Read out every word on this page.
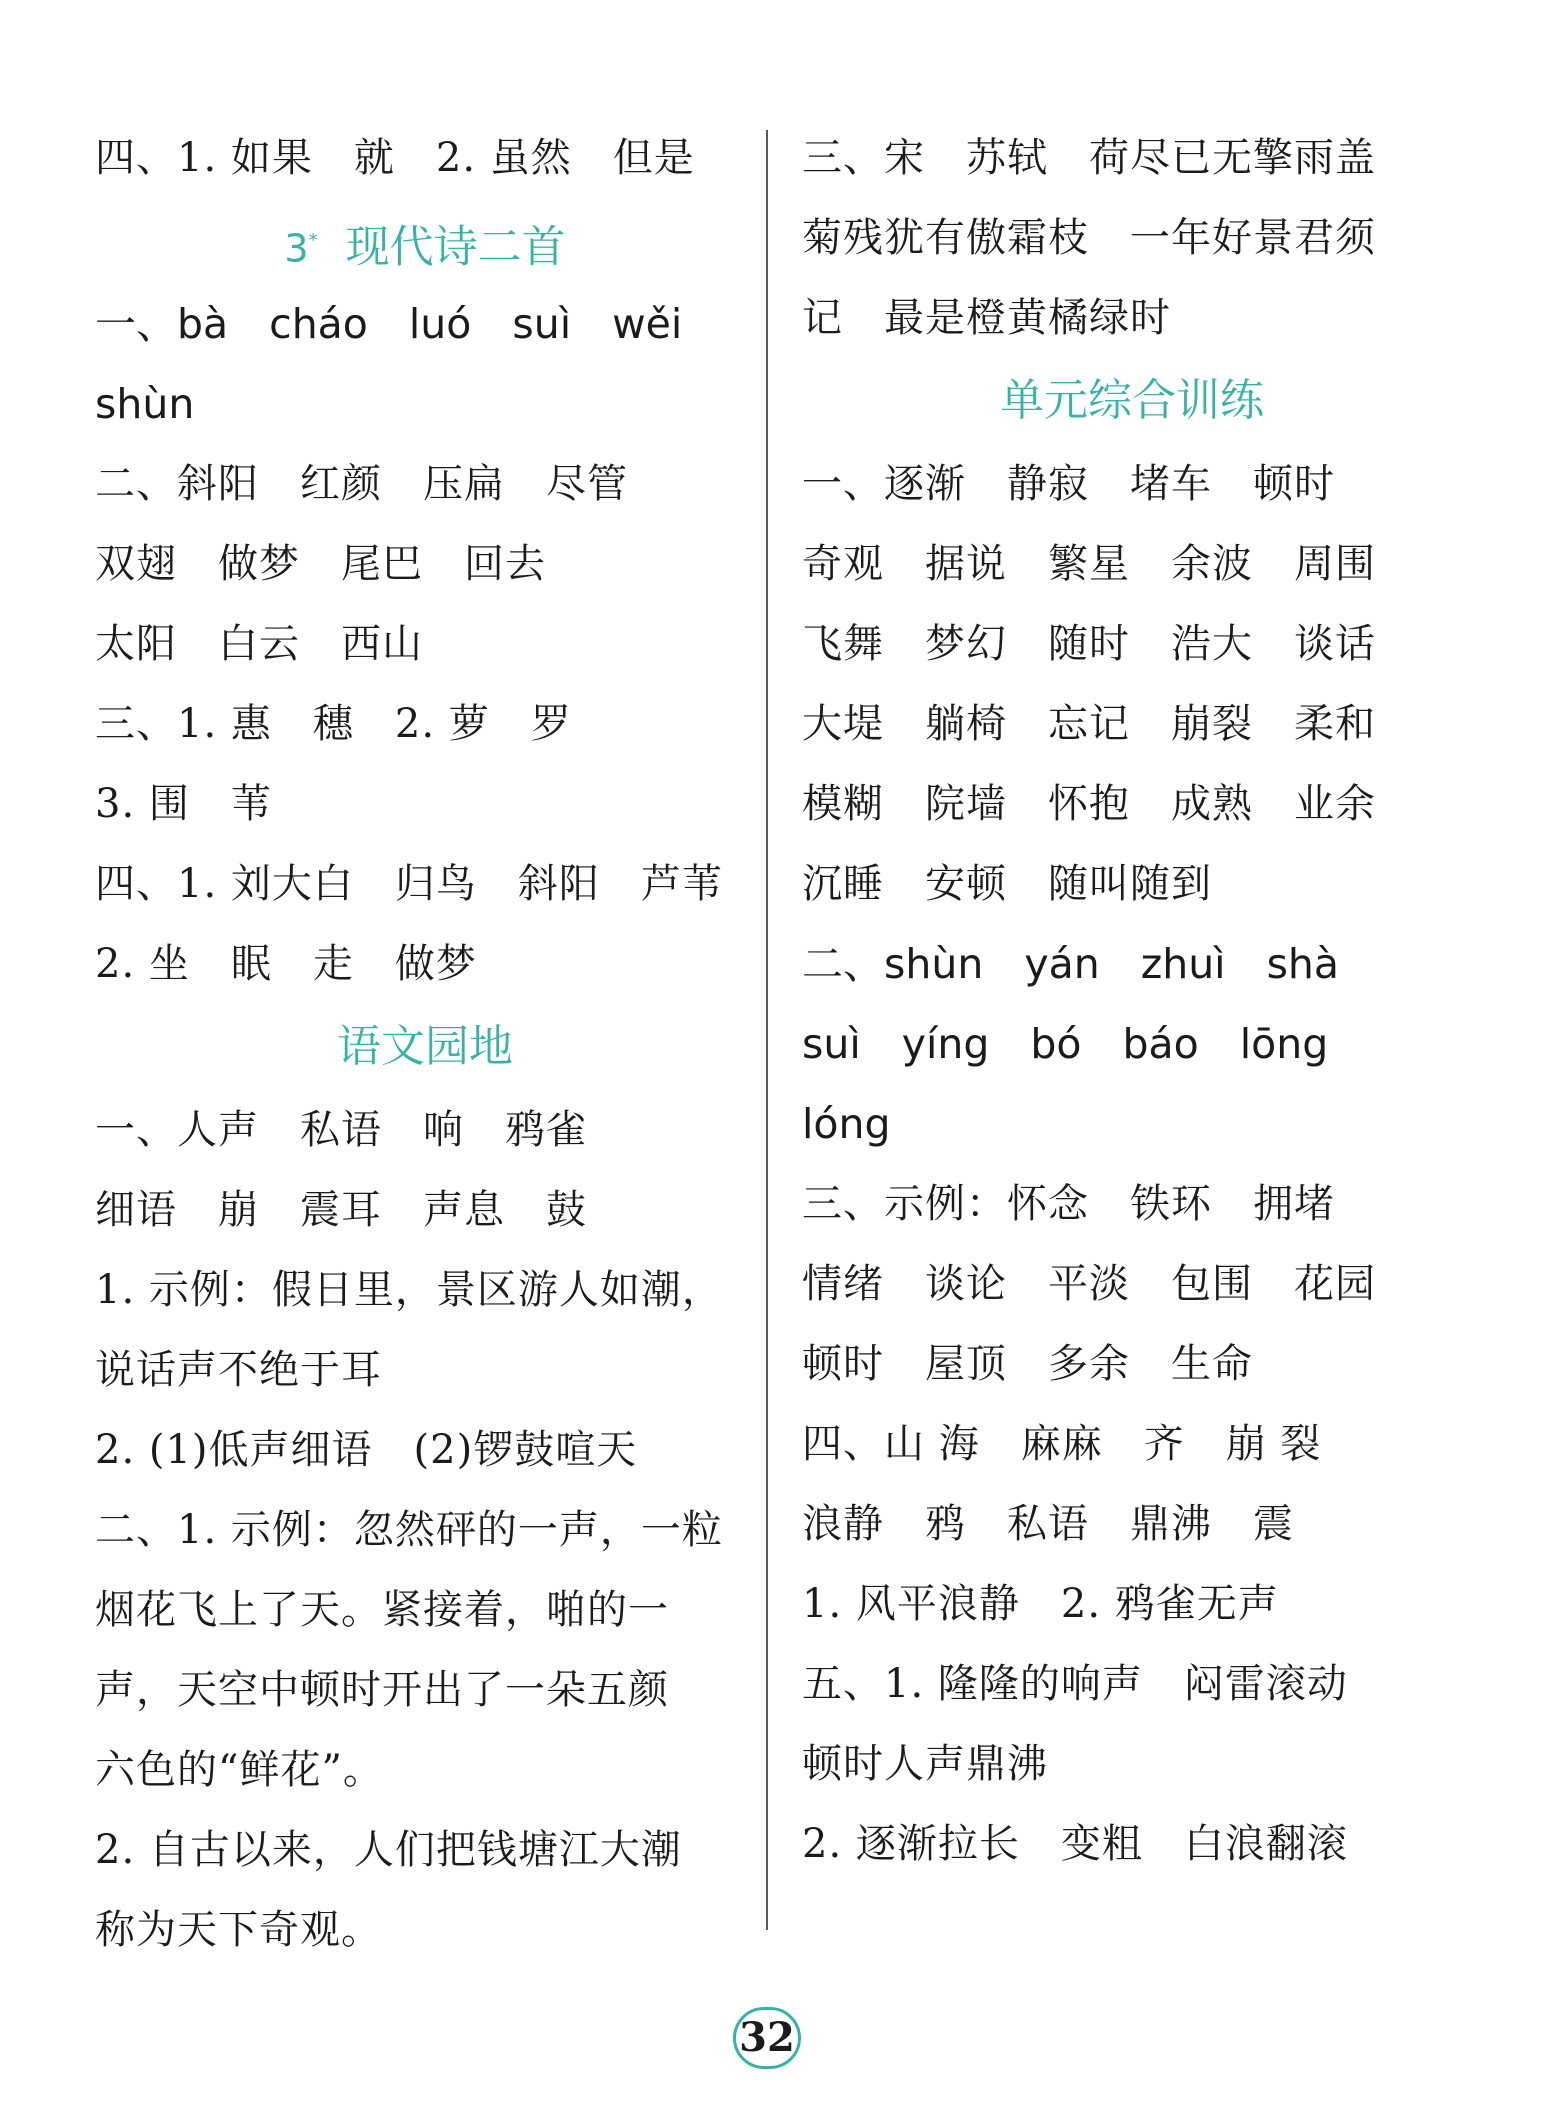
四、1. 如果　就　2. 虽然　但是
3* 现代诗二首
一、bà　cháo　luó　suì　wěi
shùn
二、斜阳　红颜　压扁　尽管
双翅　做梦　尾巴　回去
太阳　白云　西山
三、1. 惠　穗　2. 萝　罗
3. 围　苇
四、1. 刘大白　归鸟　斜阳　芦苇
2. 坐　眠　走　做梦
语文园地
一、人声　私语　响　鸦雀
细语　崩　震耳　声息　鼓
1. 示例：假日里，景区游人如潮，
说话声不绝于耳
2. (1)低声细语　(2)锣鼓喧天
二、1. 示例：忽然砰的一声，一粒
烟花飞上了天。紧接着，啪的一
声，天空中顿时开出了一朵五颜
六色的“鲜花”。
2. 自古以来，人们把钱塘江大潮
称为天下奇观。
三、宋　苏轼　荷尽已无擎雨盖
菊残犹有傲霜枝　一年好景君须
记　最是橙黄橘绿时
单元综合训练
一、逐渐　静寂　堵车　顿时
奇观　据说　繁星　余波　周围
飞舞　梦幻　随时　浩大　谈话
大堤　躺椅　忘记　崩裂　柔和
模糊　院墙　怀抱　成熟　业余
沉睡　安顿　随叫随到
二、shùn　yán　zhuì　shà
suì　yíng　bó　báo　lōng
lóng
三、示例：怀念　铁环　拥堵
情绪　谈论　平淡　包围　花园
顿时　屋顶　多余　生命
四、山 海　麻麻　齐　崩 裂
浪静　鸦　私语　鼎沸　震
1. 风平浪静　2. 鸦雀无声
五、1. 隆隆的响声　闷雷滚动
顿时人声鼎沸
2. 逐渐拉长　变粗　白浪翻滚
32
